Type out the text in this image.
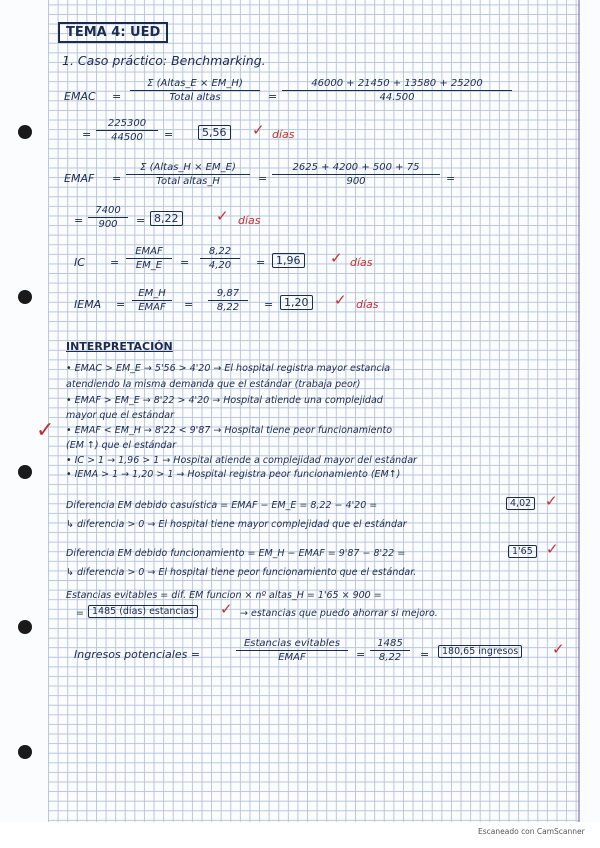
TEMA 4: UED
1. Caso práctico: Benchmarking.
EMAC =
Σ (Altas_E × EM_H)
Total altas	= $\frac{46000 + 21450 + 13580 + 25200}{44.500}$
= $\frac{225300}{44500}$ =	5,56 ✓ días
EMAF =
Σ (Altas_H × EM_E)
Total altas_H	= $\frac{2625 + 4200 + 500 + 75}{900}$ =
= $\frac{7400}{900} = 8,22$	✓ días
IC =
EMAF
EM_E	= $\frac{8,22}{4,20} = 1,96$ ✓ días
IEMA =
EM_H
EMAF	= $\frac{9,87}{8,22} = 1,20$ ✓ días
INTERPRETACIÓN
• EMAC > EM_E → 5'56 > 4'20 → El hospital registra mayor estancia
atendiendo la misma demanda que el estándar (trabaja peor)
• EMAF > EM_E → 8'22 > 4'20 → Hospital atiende una complejidad
mayor que el estándar
• EMAF < EM_H → 8'22 < 9'87 → Hospital tiene peor funcionamiento
(EM ↑) que el estándar
• IC > 1 → 1,96 > 1 → Hospital atiende a complejidad mayor del estándar
• IEMA > 1 → 1,20 > 1 → Hospital registra peor funcionamiento (EM↑)
✓
Diferencia EM debido casuística = EMAF − EM_E = 8,22 − 4'20 =	4,02 ✓
↳ diferencia > 0 → El hospital tiene mayor complejidad que el estándar
Diferencia EM debido funcionamiento = EM_H − EMAF = 9'87 − 8'22 =	1'65 ✓
↳ diferencia > 0 → El hospital tiene peor funcionamiento que el estándar.
Estancias evitables = dif. EM funcion × nº altas_H = 1'65 × 900 =
= 1485 (días) estancias ✓ → estancias que puedo ahorrar si mejoro.
Ingresos potenciales =
Estancias evitables
EMAF	= $\frac{1485}{8,22}$ =	180,65 ingresos ✓
Escaneado con CamScanner
